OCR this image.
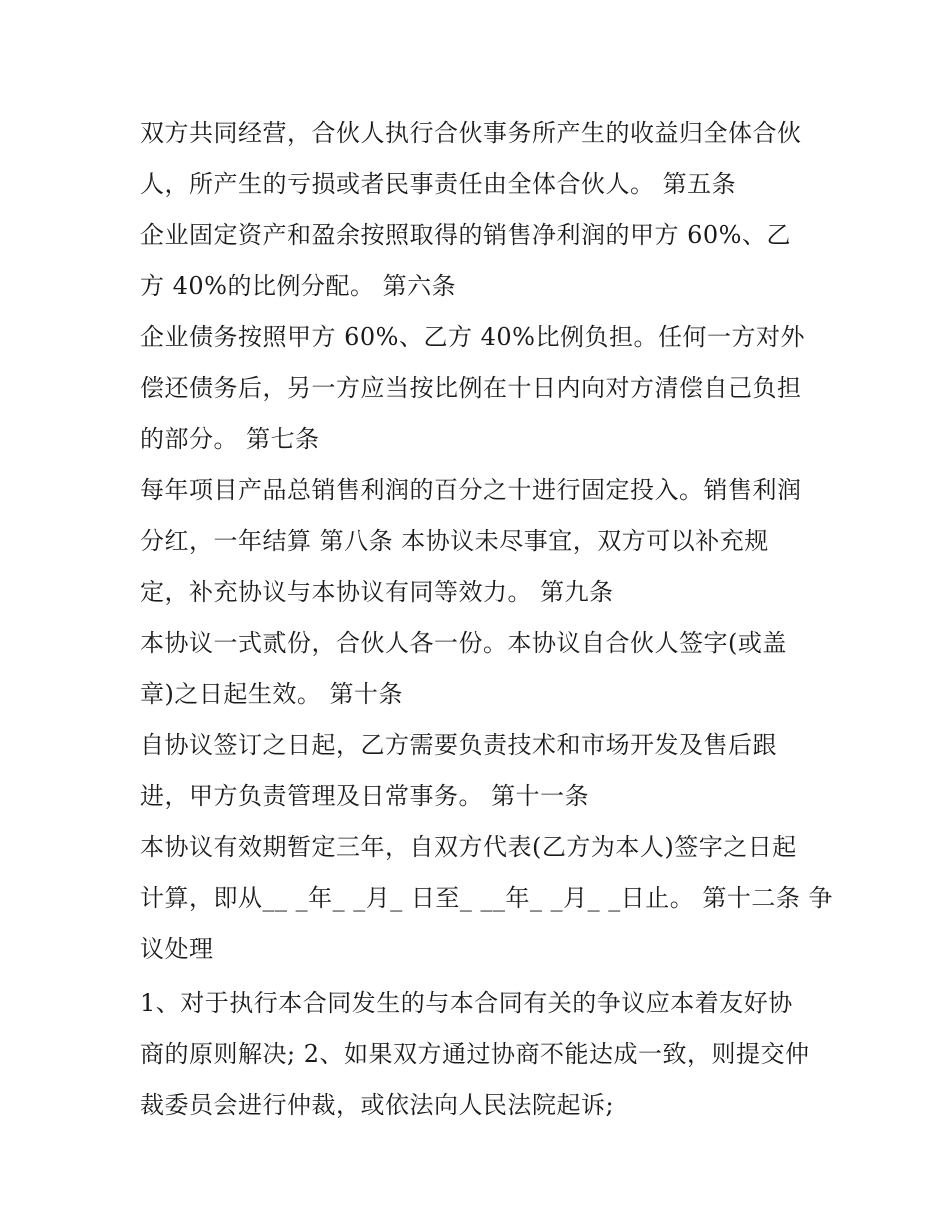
双方共同经营，合伙人执行合伙事务所产生的收益归全体合伙
人，所产生的亏损或者民事责任由全体合伙人。 第五条
企业固定资产和盈余按照取得的销售净利润的甲方 60%、乙
方 40%的比例分配。 第六条
企业债务按照甲方 60%、乙方 40%比例负担。任何一方对外
偿还债务后，另一方应当按比例在十日内向对方清偿自己负担
的部分。 第七条
每年项目产品总销售利润的百分之十进行固定投入。销售利润
分红，一年结算 第八条 本协议未尽事宜，双方可以补充规
定，补充协议与本协议有同等效力。 第九条
本协议一式贰份，合伙人各一份。本协议自合伙人签字(或盖
章)之日起生效。 第十条
自协议签订之日起，乙方需要负责技术和市场开发及售后跟
进，甲方负责管理及日常事务。 第十一条
本协议有效期暂定三年，自双方代表(乙方为本人)签字之日起
计算，即从__ _年_ _月_ 日至_ __年_ _月_ _日止。 第十二条 争
议处理
1、对于执行本合同发生的与本合同有关的争议应本着友好协
商的原则解决; 2、如果双方通过协商不能达成一致，则提交仲
裁委员会进行仲裁，或依法向人民法院起诉;
